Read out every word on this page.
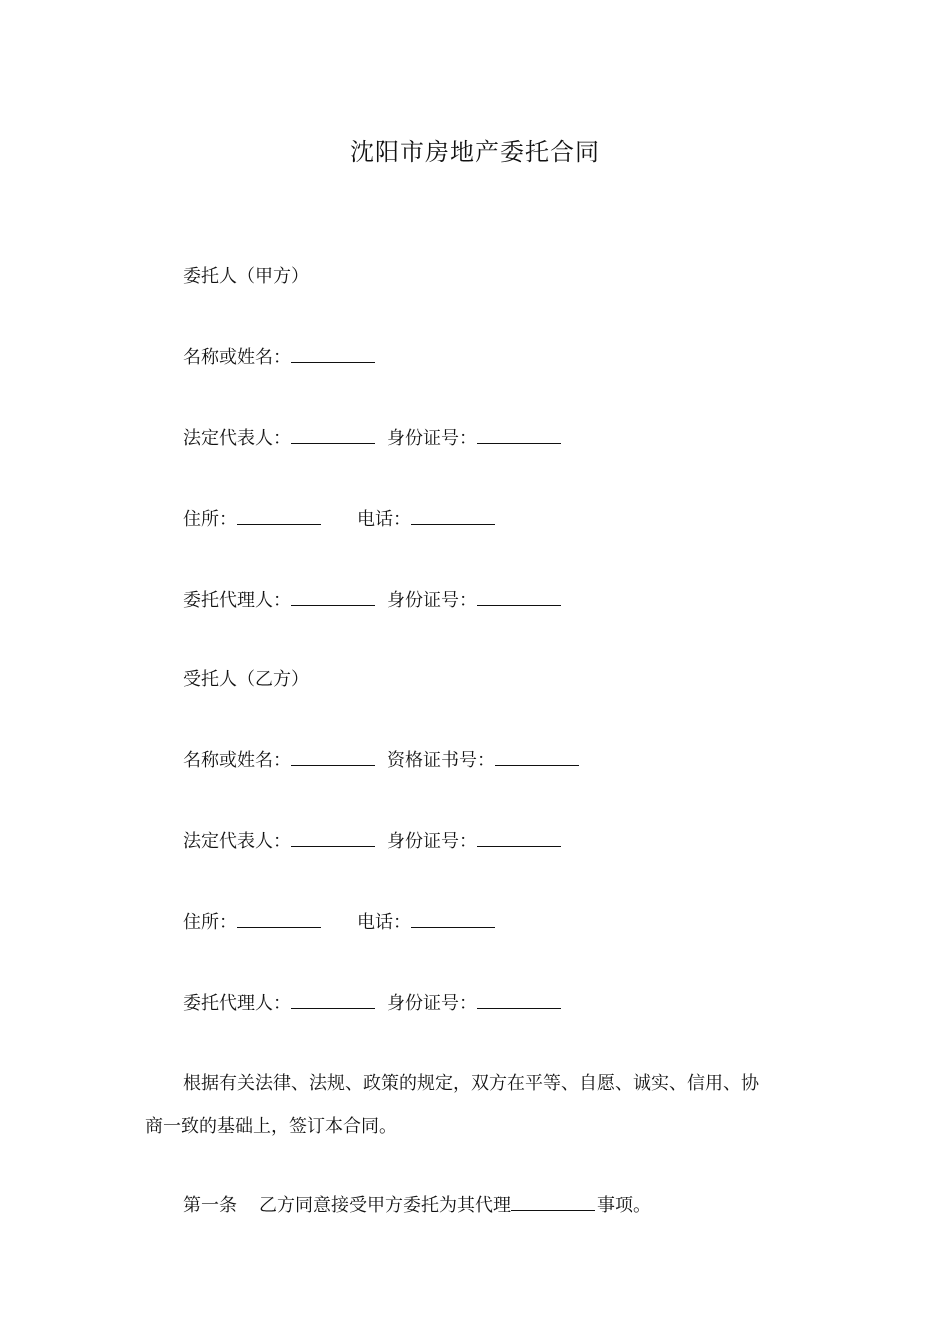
沈阳市房地产委托合同
委托人（甲方）
名称或姓名：
法定代表人：	身份证号：
住所：	电话：
委托代理人：	身份证号：
受托人（乙方）
名称或姓名：	资格证书号：
法定代表人：	身份证号：
住所：	电话：
委托代理人：	身份证号：
根据有关法律、法规、政策的规定，双方在平等、自愿、诚实、信用、协
商一致的基础上，签订本合同。
第一条 乙方同意接受甲方委托为其代理	事项。
